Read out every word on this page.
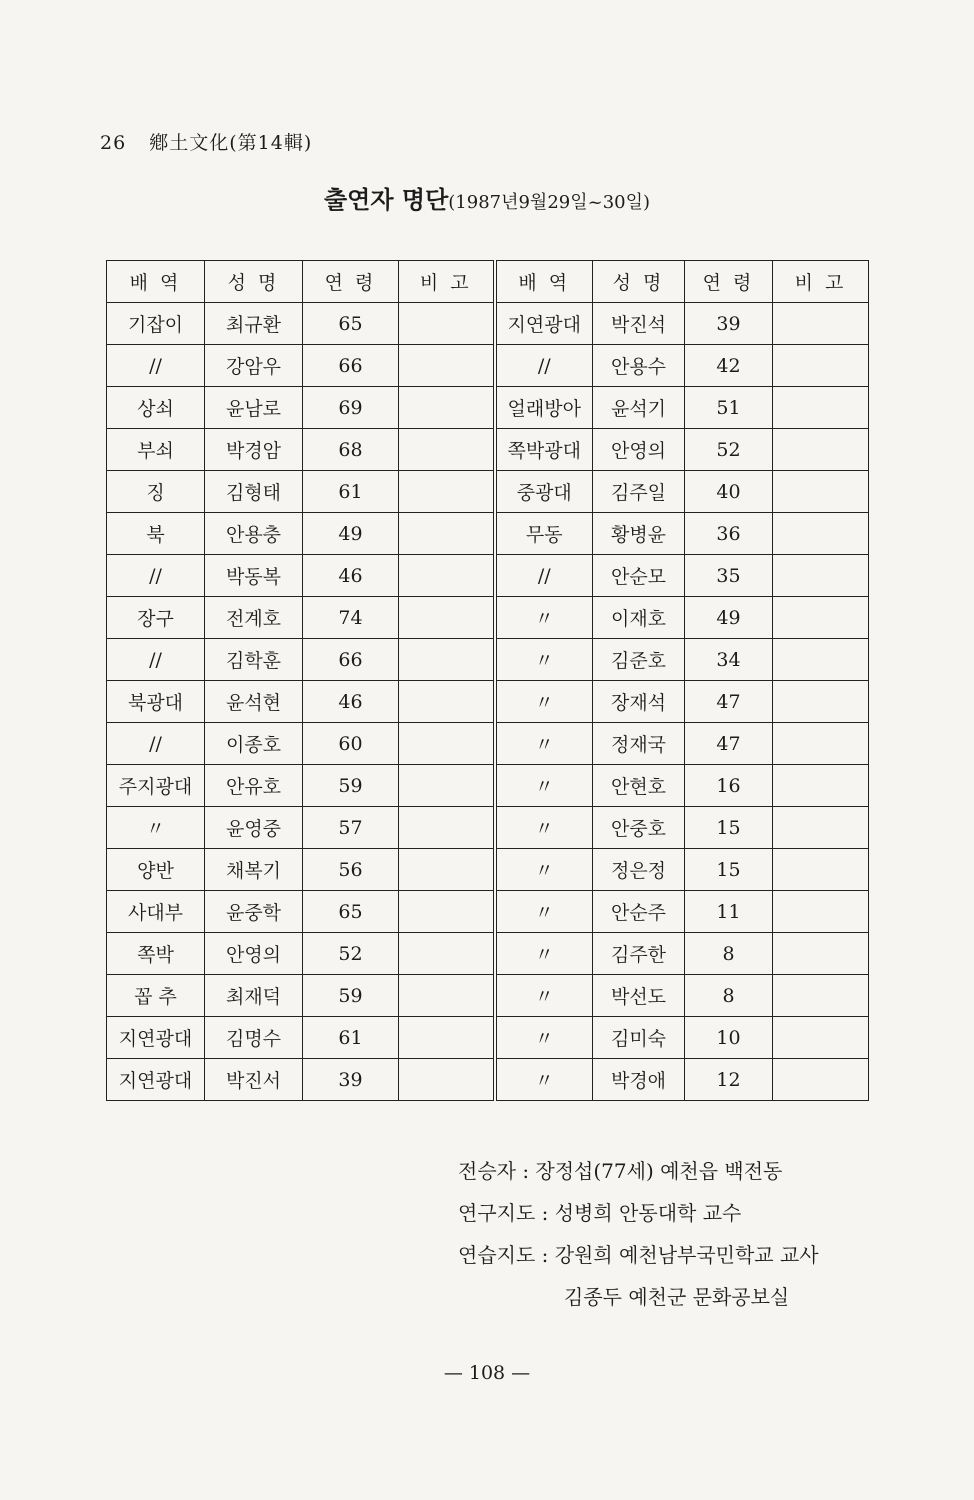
26 鄕土文化(第14輯)
출연자 명단(1987년9월29일~30일)
배 역	성 명	연 령	비 고	배 역	성 명	연 령	비 고
기잡이	최규환	65		지연광대	박진석	39	
//	강암우	66		//	안용수	42	
상쇠	윤남로	69		얼래방아	윤석기	51	
부쇠	박경암	68		쪽박광대	안영의	52	
징	김형태	61		중광대	김주일	40	
북	안용충	49		무동	황병윤	36	
//	박동복	46		//	안순모	35	
장구	전계호	74		〃	이재호	49	
//	김학훈	66		〃	김준호	34	
북광대	윤석현	46		〃	장재석	47	
//	이종호	60		〃	정재국	47	
주지광대	안유호	59		〃	안현호	16	
〃	윤영중	57		〃	안중호	15	
양반	채복기	56		〃	정은정	15	
사대부	윤중학	65		〃	안순주	11	
쪽박	안영의	52		〃	김주한	8	
꼽 추	최재덕	59		〃	박선도	8	
지연광대	김명수	61		〃	김미숙	10	
지연광대	박진서	39		〃	박경애	12	
전승자 : 장정섭(77세) 예천읍 백전동
연구지도 : 성병희 안동대학 교수
연습지도 : 강원희 예천남부국민학교 교사
김종두 예천군 문화공보실
— 108 —
